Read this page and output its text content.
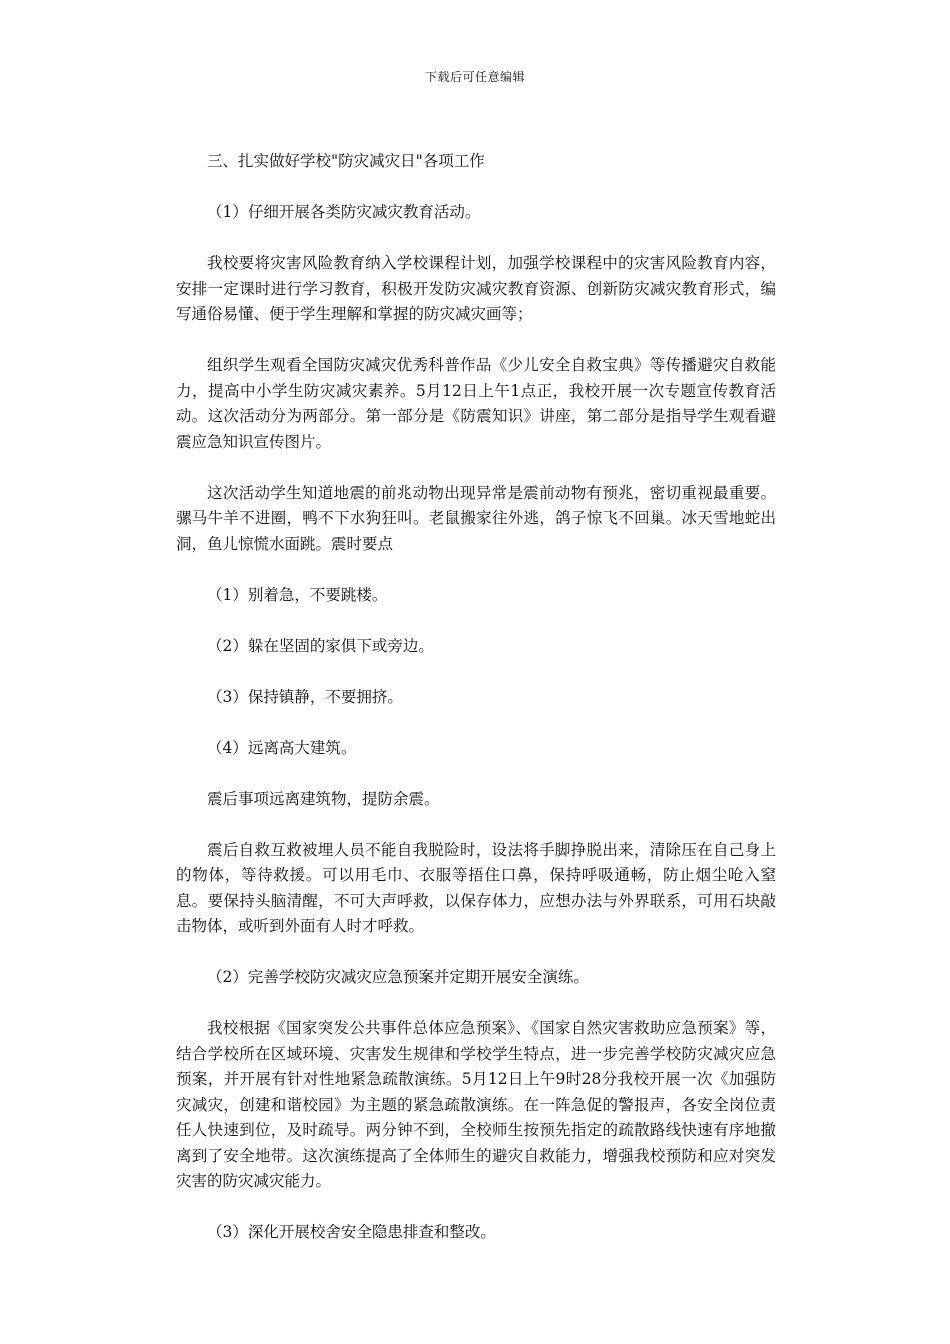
下载后可任意编辑

三、扎实做好学校"防灾减灾日"各项工作

（1）仔细开展各类防灾减灾教育活动。

我校要将灾害风险教育纳入学校课程计划，加强学校课程中的灾害风险教育内容，安排一定课时进行学习教育，积极开发防灾减灾教育资源、创新防灾减灾教育形式，编写通俗易懂、便于学生理解和掌握的防灾减灾画等；

组织学生观看全国防灾减灾优秀科普作品《少儿安全自救宝典》等传播避灾自救能力，提高中小学生防灾减灾素养。5月12日上午1点正，我校开展一次专题宣传教育活动。这次活动分为两部分。第一部分是《防震知识》讲座，第二部分是指导学生观看避震应急知识宣传图片。

这次活动学生知道地震的前兆动物出现异常是震前动物有预兆，密切重视最重要。骡马牛羊不进圈，鸭不下水狗狂叫。老鼠搬家往外逃，鸽子惊飞不回巢。冰天雪地蛇出洞，鱼儿惊慌水面跳。震时要点

（1）别着急，不要跳楼。

（2）躲在坚固的家俱下或旁边。

（3）保持镇静，不要拥挤。

（4）远离高大建筑。

震后事项远离建筑物，提防余震。

震后自救互救被埋人员不能自我脱险时，设法将手脚挣脱出来，清除压在自己身上的物体，等待救援。可以用毛巾、衣服等捂住口鼻，保持呼吸通畅，防止烟尘呛入窒息。要保持头脑清醒，不可大声呼救，以保存体力，应想办法与外界联系，可用石块敲击物体，或听到外面有人时才呼救。

（2）完善学校防灾减灾应急预案并定期开展安全演练。

我校根据《国家突发公共事件总体应急预案》、《国家自然灾害救助应急预案》等，结合学校所在区域环境、灾害发生规律和学校学生特点，进一步完善学校防灾减灾应急预案，并开展有针对性地紧急疏散演练。5月12日上午9时28分我校开展一次《加强防灾减灾，创建和谐校园》为主题的紧急疏散演练。在一阵急促的警报声，各安全岗位责任人快速到位，及时疏导。两分钟不到，全校师生按预先指定的疏散路线快速有序地撤离到了安全地带。这次演练提高了全体师生的避灾自救能力，增强我校预防和应对突发灾害的防灾减灾能力。

（3）深化开展校舍安全隐患排查和整改。
